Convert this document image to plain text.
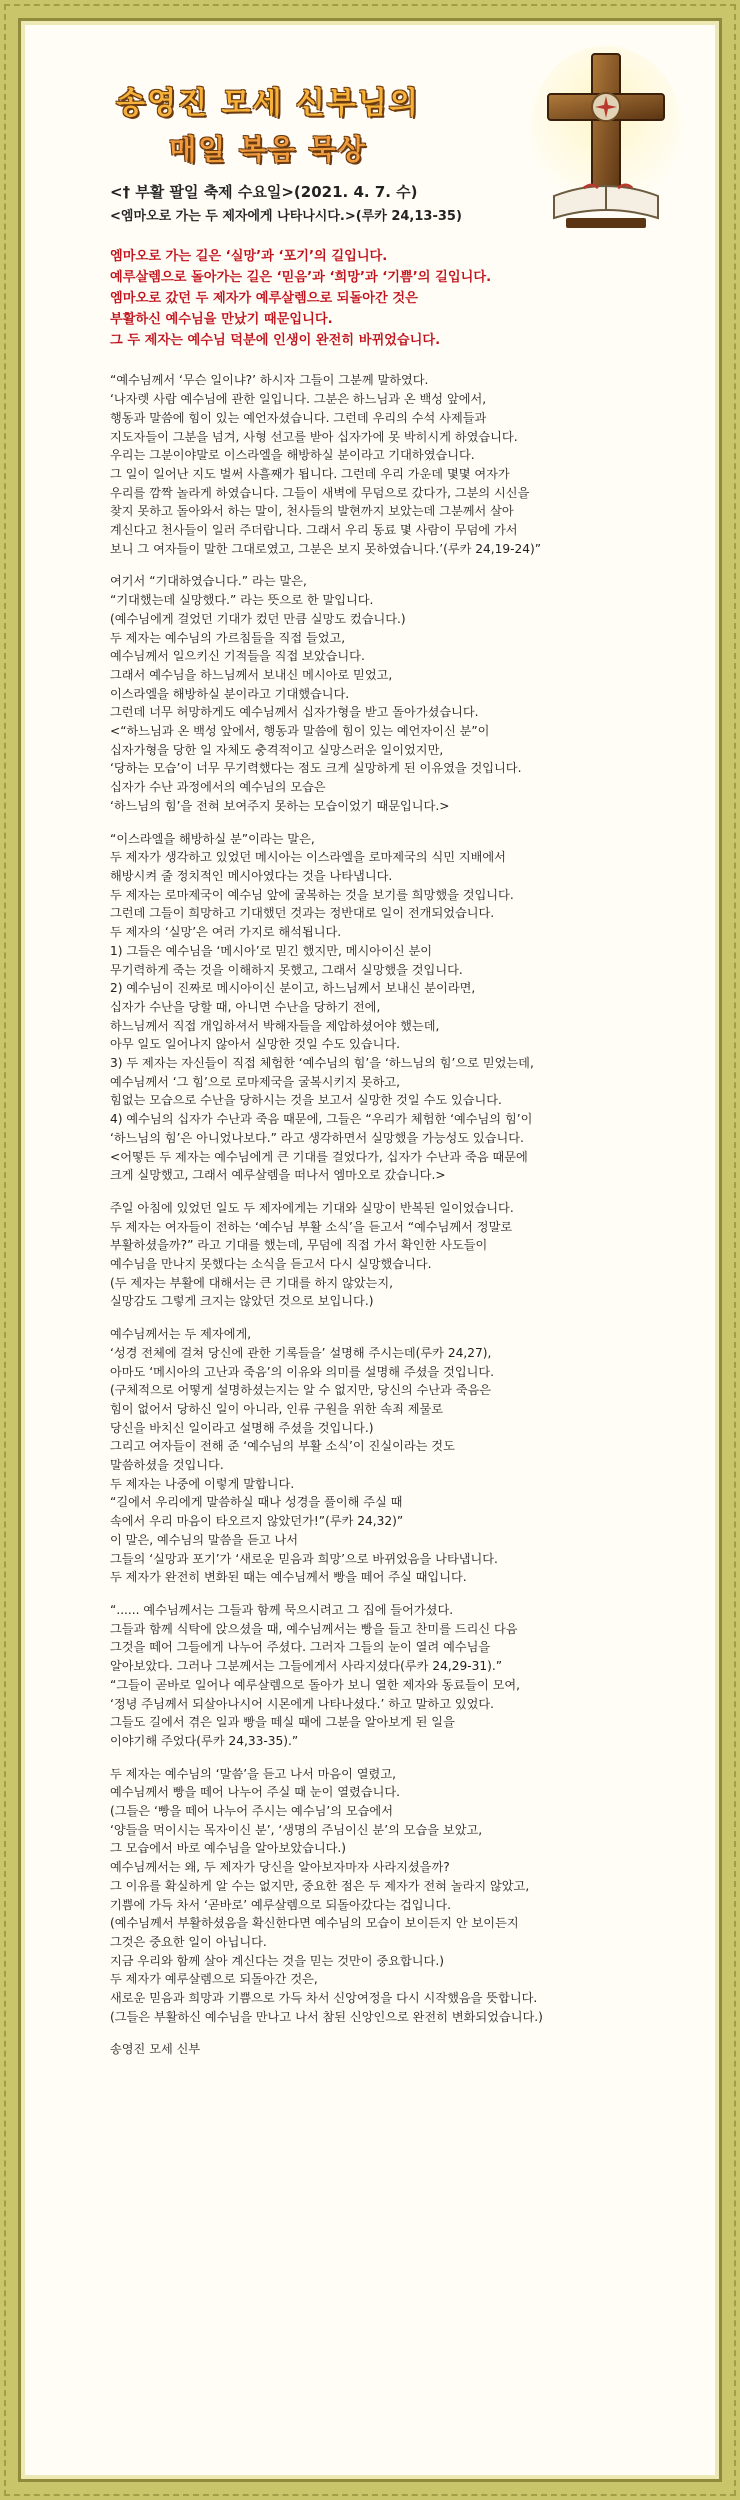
송영진 모세 신부님의
매일 복음 묵상
<† 부활 팔일 축제 수요일>(2021. 4. 7. 수)
<엠마오로 가는 두 제자에게 나타나시다.>(루카 24,13-35)
엠마오로 가는 길은 ‘실망’과 ‘포기’의 길입니다.
예루살렘으로 돌아가는 길은 ‘믿음’과 ‘희망’과 ‘기쁨’의 길입니다.
엠마오로 갔던 두 제자가 예루살렘으로 되돌아간 것은
부활하신 예수님을 만났기 때문입니다.
그 두 제자는 예수님 덕분에 인생이 완전히 바뀌었습니다.
“예수님께서 ‘무슨 일이냐?’ 하시자 그들이 그분께 말하였다.
‘나자렛 사람 예수님에 관한 일입니다. 그분은 하느님과 온 백성 앞에서,
행동과 말씀에 힘이 있는 예언자셨습니다. 그런데 우리의 수석 사제들과
지도자들이 그분을 넘겨, 사형 선고를 받아 십자가에 못 박히시게 하였습니다.
우리는 그분이야말로 이스라엘을 해방하실 분이라고 기대하였습니다.
그 일이 일어난 지도 벌써 사흘째가 됩니다. 그런데 우리 가운데 몇몇 여자가
우리를 깜짝 놀라게 하였습니다. 그들이 새벽에 무덤으로 갔다가, 그분의 시신을
찾지 못하고 돌아와서 하는 말이, 천사들의 발현까지 보았는데 그분께서 살아
계신다고 천사들이 일러 주더랍니다. 그래서 우리 동료 몇 사람이 무덤에 가서
보니 그 여자들이 말한 그대로였고, 그분은 보지 못하였습니다.’(루카 24,19-24)”
여기서 “기대하였습니다.” 라는 말은,
“기대했는데 실망했다.” 라는 뜻으로 한 말입니다.
(예수님에게 걸었던 기대가 컸던 만큼 실망도 컸습니다.)
두 제자는 예수님의 가르침들을 직접 들었고,
예수님께서 일으키신 기적들을 직접 보았습니다.
그래서 예수님을 하느님께서 보내신 메시아로 믿었고,
이스라엘을 해방하실 분이라고 기대했습니다.
그런데 너무 허망하게도 예수님께서 십자가형을 받고 돌아가셨습니다.
<“하느님과 온 백성 앞에서, 행동과 말씀에 힘이 있는 예언자이신 분”이
십자가형을 당한 일 자체도 충격적이고 실망스러운 일이었지만,
‘당하는 모습’이 너무 무기력했다는 점도 크게 실망하게 된 이유였을 것입니다.
십자가 수난 과정에서의 예수님의 모습은
‘하느님의 힘’을 전혀 보여주지 못하는 모습이었기 때문입니다.>
“이스라엘을 해방하실 분”이라는 말은,
두 제자가 생각하고 있었던 메시아는 이스라엘을 로마제국의 식민 지배에서
해방시켜 줄 정치적인 메시아였다는 것을 나타냅니다.
두 제자는 로마제국이 예수님 앞에 굴복하는 것을 보기를 희망했을 것입니다.
그런데 그들이 희망하고 기대했던 것과는 정반대로 일이 전개되었습니다.
두 제자의 ‘실망’은 여러 가지로 해석됩니다.
1) 그들은 예수님을 ‘메시아’로 믿긴 했지만, 메시아이신 분이
무기력하게 죽는 것을 이해하지 못했고, 그래서 실망했을 것입니다.
2) 예수님이 진짜로 메시아이신 분이고, 하느님께서 보내신 분이라면,
십자가 수난을 당할 때, 아니면 수난을 당하기 전에,
하느님께서 직접 개입하셔서 박해자들을 제압하셨어야 했는데,
아무 일도 일어나지 않아서 실망한 것일 수도 있습니다.
3) 두 제자는 자신들이 직접 체험한 ‘예수님의 힘’을 ‘하느님의 힘’으로 믿었는데,
예수님께서 ‘그 힘’으로 로마제국을 굴복시키지 못하고,
힘없는 모습으로 수난을 당하시는 것을 보고서 실망한 것일 수도 있습니다.
4) 예수님의 십자가 수난과 죽음 때문에, 그들은 “우리가 체험한 ‘예수님의 힘’이
‘하느님의 힘’은 아니었나보다.” 라고 생각하면서 실망했을 가능성도 있습니다.
<어떻든 두 제자는 예수님에게 큰 기대를 걸었다가, 십자가 수난과 죽음 때문에
크게 실망했고, 그래서 예루살렘을 떠나서 엠마오로 갔습니다.>
주일 아침에 있었던 일도 두 제자에게는 기대와 실망이 반복된 일이었습니다.
두 제자는 여자들이 전하는 ‘예수님 부활 소식’을 듣고서 “예수님께서 정말로
부활하셨을까?” 라고 기대를 했는데, 무덤에 직접 가서 확인한 사도들이
예수님을 만나지 못했다는 소식을 듣고서 다시 실망했습니다.
(두 제자는 부활에 대해서는 큰 기대를 하지 않았는지,
실망감도 그렇게 크지는 않았던 것으로 보입니다.)
예수님께서는 두 제자에게,
‘성경 전체에 걸쳐 당신에 관한 기록들을’ 설명해 주시는데(루카 24,27),
아마도 ‘메시아의 고난과 죽음’의 이유와 의미를 설명해 주셨을 것입니다.
(구체적으로 어떻게 설명하셨는지는 알 수 없지만, 당신의 수난과 죽음은
힘이 없어서 당하신 일이 아니라, 인류 구원을 위한 속죄 제물로
당신을 바치신 일이라고 설명해 주셨을 것입니다.)
그리고 여자들이 전해 준 ‘예수님의 부활 소식’이 진실이라는 것도
말씀하셨을 것입니다.
두 제자는 나중에 이렇게 말합니다.
“길에서 우리에게 말씀하실 때나 성경을 풀이해 주실 때
속에서 우리 마음이 타오르지 않았던가!”(루카 24,32)”
이 말은, 예수님의 말씀을 듣고 나서
그들의 ‘실망과 포기’가 ‘새로운 믿음과 희망’으로 바뀌었음을 나타냅니다.
두 제자가 완전히 변화된 때는 예수님께서 빵을 떼어 주실 때입니다.
“...... 예수님께서는 그들과 함께 묵으시려고 그 집에 들어가셨다.
그들과 함께 식탁에 앉으셨을 때, 예수님께서는 빵을 들고 찬미를 드리신 다음
그것을 떼어 그들에게 나누어 주셨다. 그러자 그들의 눈이 열려 예수님을
알아보았다. 그러나 그분께서는 그들에게서 사라지셨다(루카 24,29-31).”
“그들이 곧바로 일어나 예루살렘으로 돌아가 보니 열한 제자와 동료들이 모여,
‘정녕 주님께서 되살아나시어 시몬에게 나타나셨다.’ 하고 말하고 있었다.
그들도 길에서 겪은 일과 빵을 떼실 때에 그분을 알아보게 된 일을
이야기해 주었다(루카 24,33-35).”
두 제자는 예수님의 ‘말씀’을 듣고 나서 마음이 열렸고,
예수님께서 빵을 떼어 나누어 주실 때 눈이 열렸습니다.
(그들은 ‘빵을 떼어 나누어 주시는 예수님’의 모습에서
‘양들을 먹이시는 목자이신 분’, ‘생명의 주님이신 분’의 모습을 보았고,
그 모습에서 바로 예수님을 알아보았습니다.)
예수님께서는 왜, 두 제자가 당신을 알아보자마자 사라지셨을까?
그 이유를 확실하게 알 수는 없지만, 중요한 점은 두 제자가 전혀 놀라지 않았고,
기쁨에 가득 차서 ‘곧바로’ 예루살렘으로 되돌아갔다는 겁입니다.
(예수님께서 부활하셨음을 확신한다면 예수님의 모습이 보이든지 안 보이든지
그것은 중요한 일이 아닙니다.
지금 우리와 함께 살아 계신다는 것을 믿는 것만이 중요합니다.)
두 제자가 예루살렘으로 되돌아간 것은,
새로운 믿음과 희망과 기쁨으로 가득 차서 신앙여정을 다시 시작했음을 뜻합니다.
(그들은 부활하신 예수님을 만나고 나서 참된 신앙인으로 완전히 변화되었습니다.)
송영진 모세 신부
